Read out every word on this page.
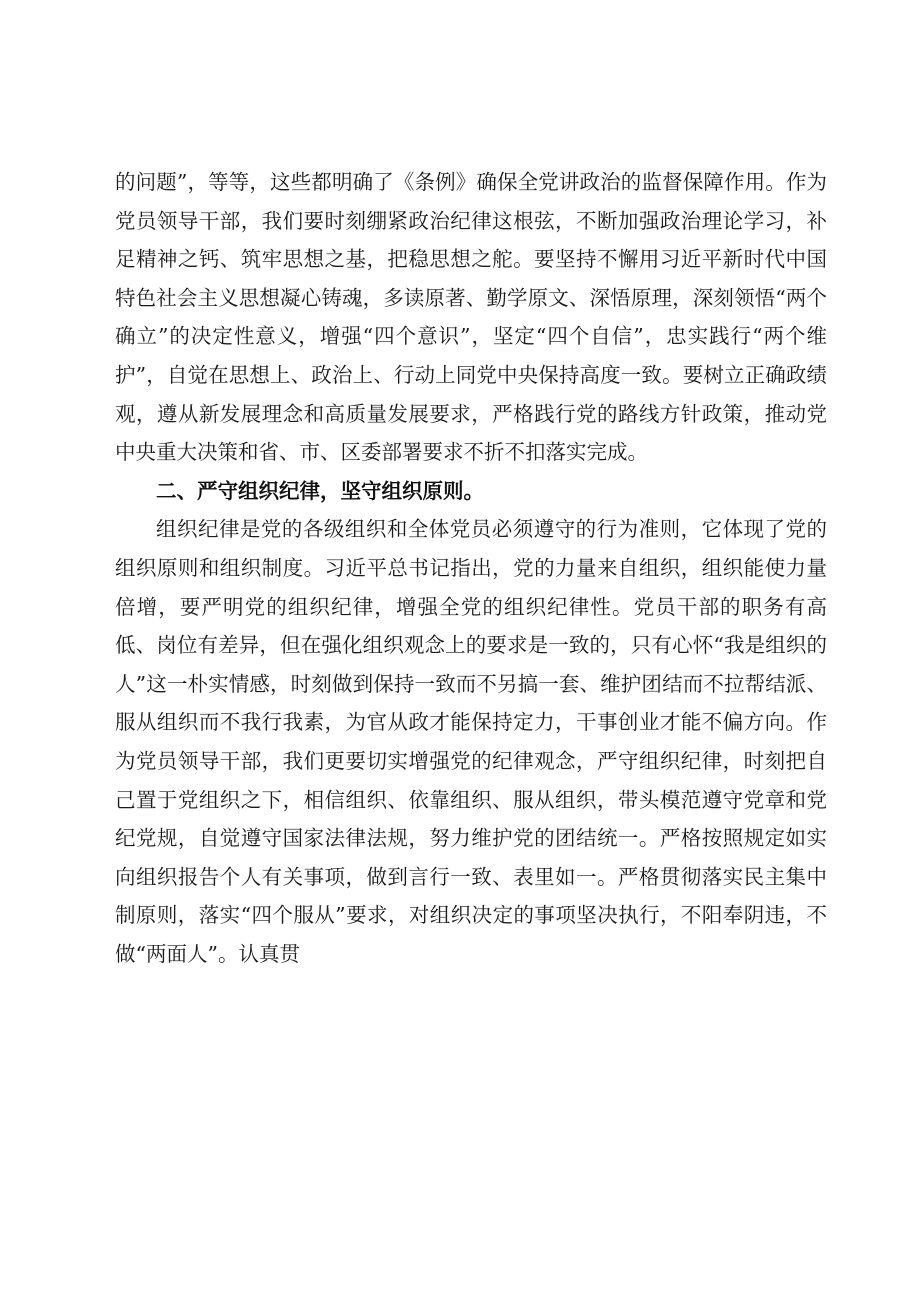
的问题”，等等，这些都明确了《条例》确保全党讲政治的监督保障作用。作为党员领导干部，我们要时刻绷紧政治纪律这根弦，不断加强政治理论学习，补足精神之钙、筑牢思想之基，把稳思想之舵。要坚持不懈用习近平新时代中国特色社会主义思想凝心铸魂，多读原著、勤学原文、深悟原理，深刻领悟“两个确立”的决定性意义，增强“四个意识”，坚定“四个自信”，忠实践行“两个维护”，自觉在思想上、政治上、行动上同党中央保持高度一致。要树立正确政绩观，遵从新发展理念和高质量发展要求，严格践行党的路线方针政策，推动党中央重大决策和省、市、区委部署要求不折不扣落实完成。

二、严守组织纪律，坚守组织原则。

组织纪律是党的各级组织和全体党员必须遵守的行为准则，它体现了党的组织原则和组织制度。习近平总书记指出，党的力量来自组织，组织能使力量倍增，要严明党的组织纪律，增强全党的组织纪律性。党员干部的职务有高低、岗位有差异，但在强化组织观念上的要求是一致的，只有心怀“我是组织的人”这一朴实情感，时刻做到保持一致而不另搞一套、维护团结而不拉帮结派、服从组织而不我行我素，为官从政才能保持定力，干事创业才能不偏方向。作为党员领导干部，我们更要切实增强党的纪律观念，严守组织纪律，时刻把自己置于党组织之下，相信组织、依靠组织、服从组织，带头模范遵守党章和党纪党规，自觉遵守国家法律法规，努力维护党的团结统一。严格按照规定如实向组织报告个人有关事项，做到言行一致、表里如一。严格贯彻落实民主集中制原则，落实“四个服从”要求，对组织决定的事项坚决执行，不阳奉阴违，不做“两面人”。认真贯
